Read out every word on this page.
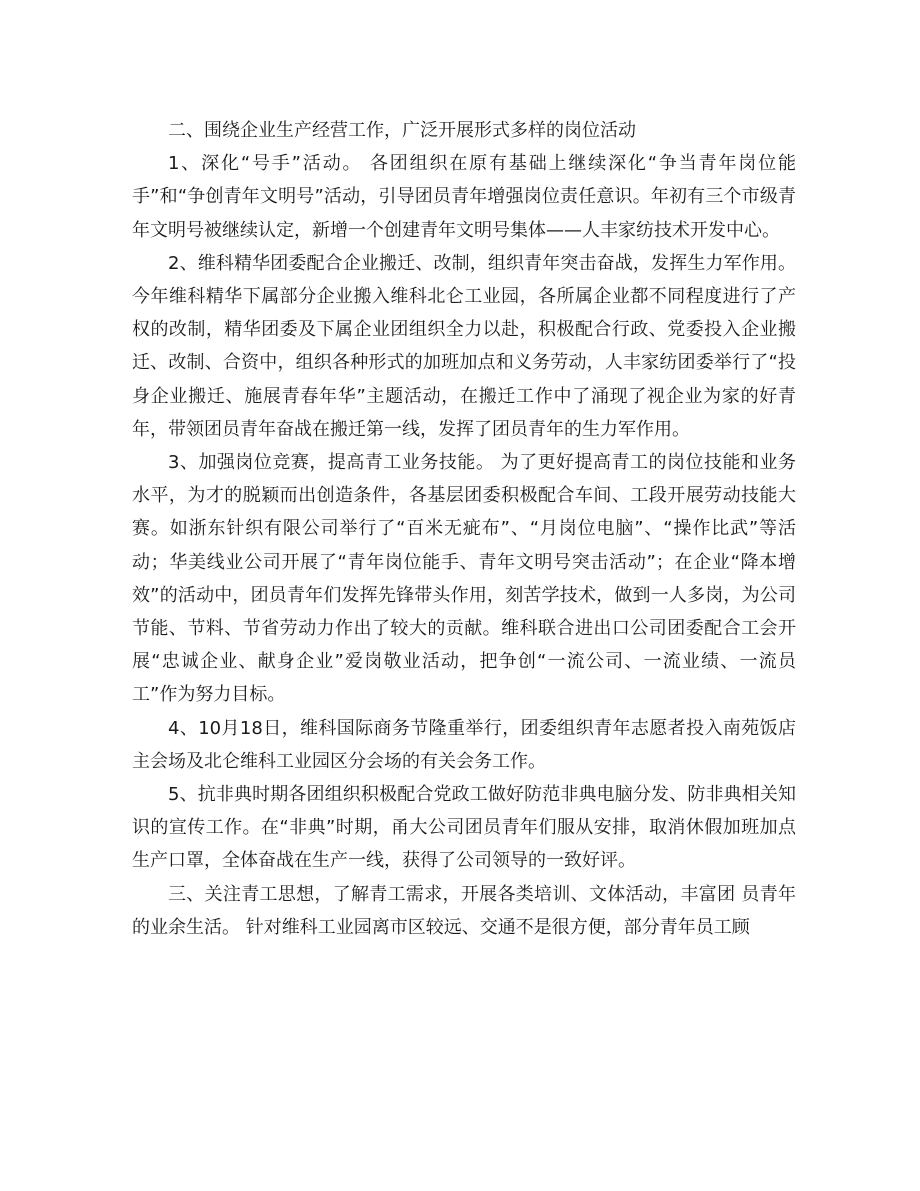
二、围绕企业生产经营工作，广泛开展形式多样的岗位活动

1、深化“号手”活动。 各团组织在原有基础上继续深化“争当青年岗位能手”和“争创青年文明号”活动，引导团员青年增强岗位责任意识。年初有三个市级青年文明号被继续认定，新增一个创建青年文明号集体——人丰家纺技术开发中心。

2、维科精华团委配合企业搬迁、改制，组织青年突击奋战，发挥生力军作用。 今年维科精华下属部分企业搬入维科北仑工业园，各所属企业都不同程度进行了产权的改制，精华团委及下属企业团组织全力以赴，积极配合行政、党委投入企业搬迁、改制、合资中，组织各种形式的加班加点和义务劳动，人丰家纺团委举行了“投身企业搬迁、施展青春年华”主题活动，在搬迁工作中了涌现了视企业为家的好青年，带领团员青年奋战在搬迁第一线，发挥了团员青年的生力军作用。

3、加强岗位竞赛，提高青工业务技能。 为了更好提高青工的岗位技能和业务水平，为才的脱颖而出创造条件，各基层团委积极配合车间、工段开展劳动技能大赛。如浙东针织有限公司举行了“百米无疵布”、“月岗位电脑”、“操作比武”等活动；华美线业公司开展了“青年岗位能手、青年文明号突击活动”；在企业“降本增效”的活动中，团员青年们发挥先锋带头作用，刻苦学技术，做到一人多岗，为公司节能、节料、节省劳动力作出了较大的贡献。维科联合进出口公司团委配合工会开展“忠诚企业、献身企业”爱岗敬业活动，把争创“一流公司、一流业绩、一流员工”作为努力目标。

4、10月18日，维科国际商务节隆重举行，团委组织青年志愿者投入南苑饭店主会场及北仑维科工业园区分会场的有关会务工作。

5、抗非典时期各团组织积极配合党政工做好防范非典电脑分发、防非典相关知识的宣传工作。在“非典”时期，甬大公司团员青年们服从安排，取消休假加班加点生产口罩，全体奋战在生产一线，获得了公司领导的一致好评。

三、关注青工思想，了解青工需求，开展各类培训、文体活动，丰富团 员青年的业余生活。 针对维科工业园离市区较远、交通不是很方便，部分青年员工顾
